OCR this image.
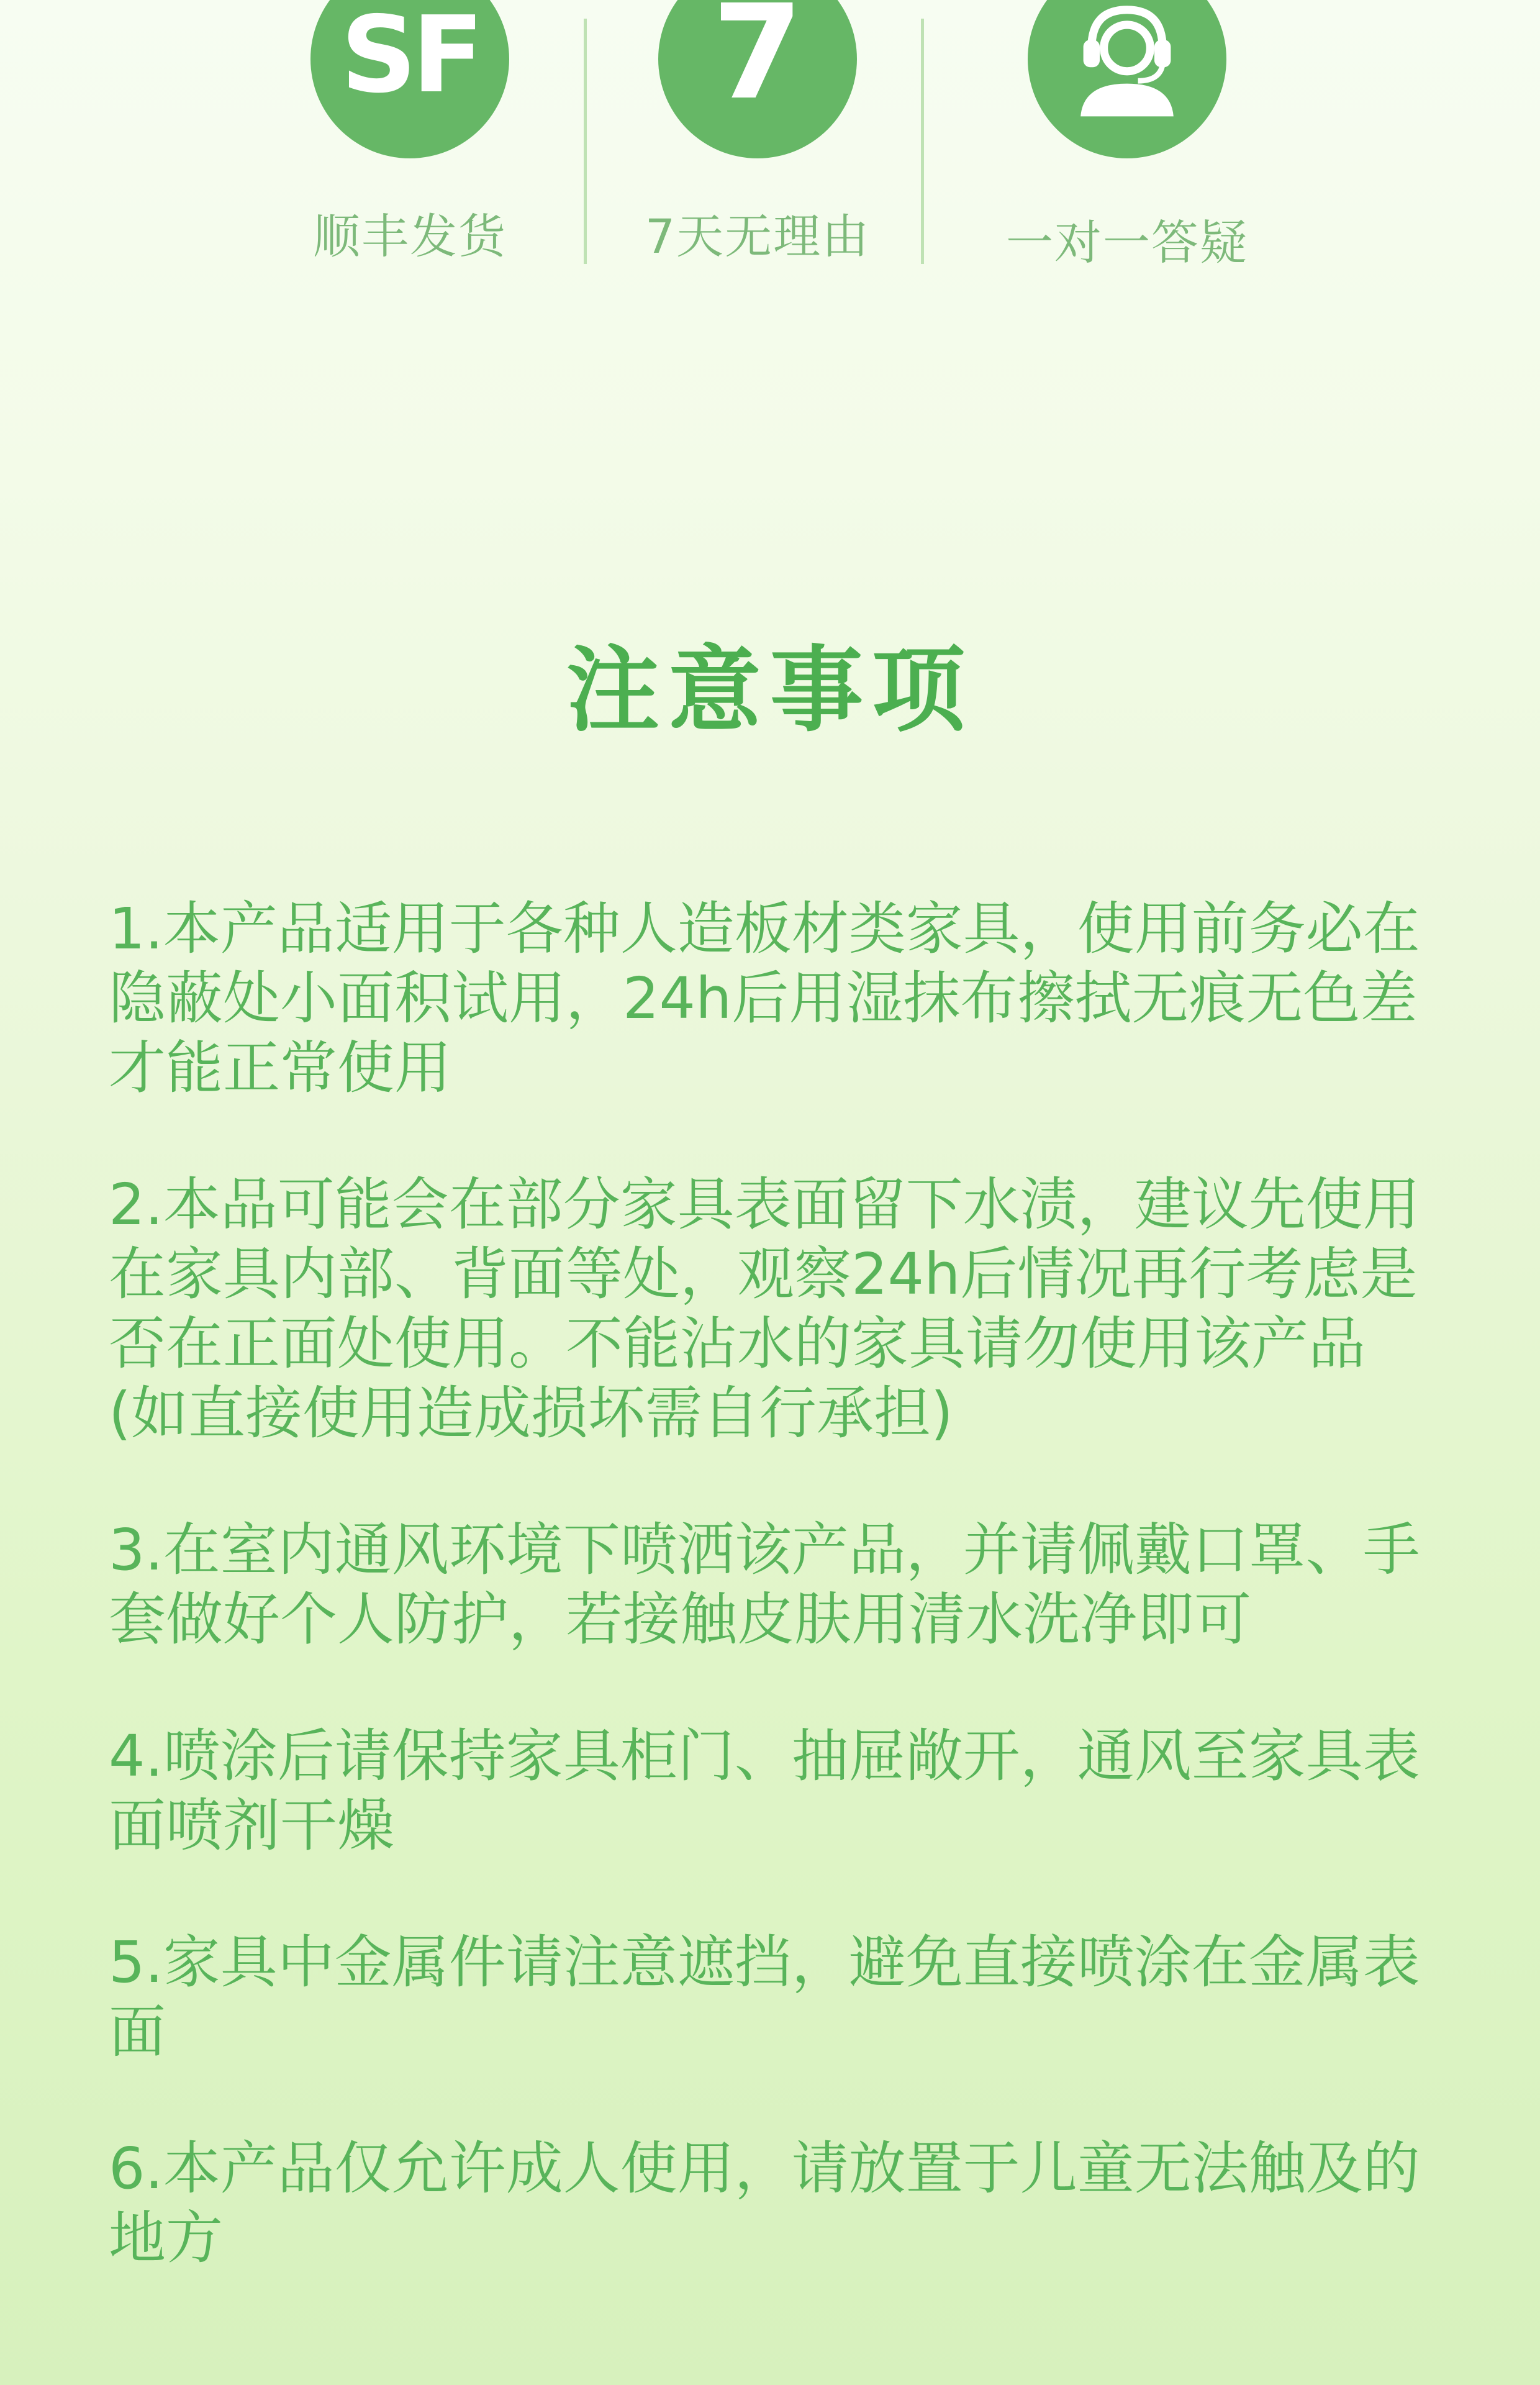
SF
顺丰发货
7
7天无理由	一对一答疑
注意事项
1.本产品适用于各种人造板材类家具，使用前务必在隐蔽处小面积试用，24h后用湿抹布擦拭无痕无色差才能正常使用
2.本品可能会在部分家具表面留下水渍，建议先使用在家具内部、背面等处，观察24h后情况再行考虑是否在正面处使用。不能沾水的家具请勿使用该产品(如直接使用造成损坏需自行承担)
3.在室内通风环境下喷洒该产品，并请佩戴口罩、手套做好个人防护，若接触皮肤用清水洗净即可
4.喷涂后请保持家具柜门、抽屉敞开，通风至家具表面喷剂干燥
5.家具中金属件请注意遮挡，避免直接喷涂在金属表面
6.本产品仅允许成人使用，请放置于儿童无法触及的地方
